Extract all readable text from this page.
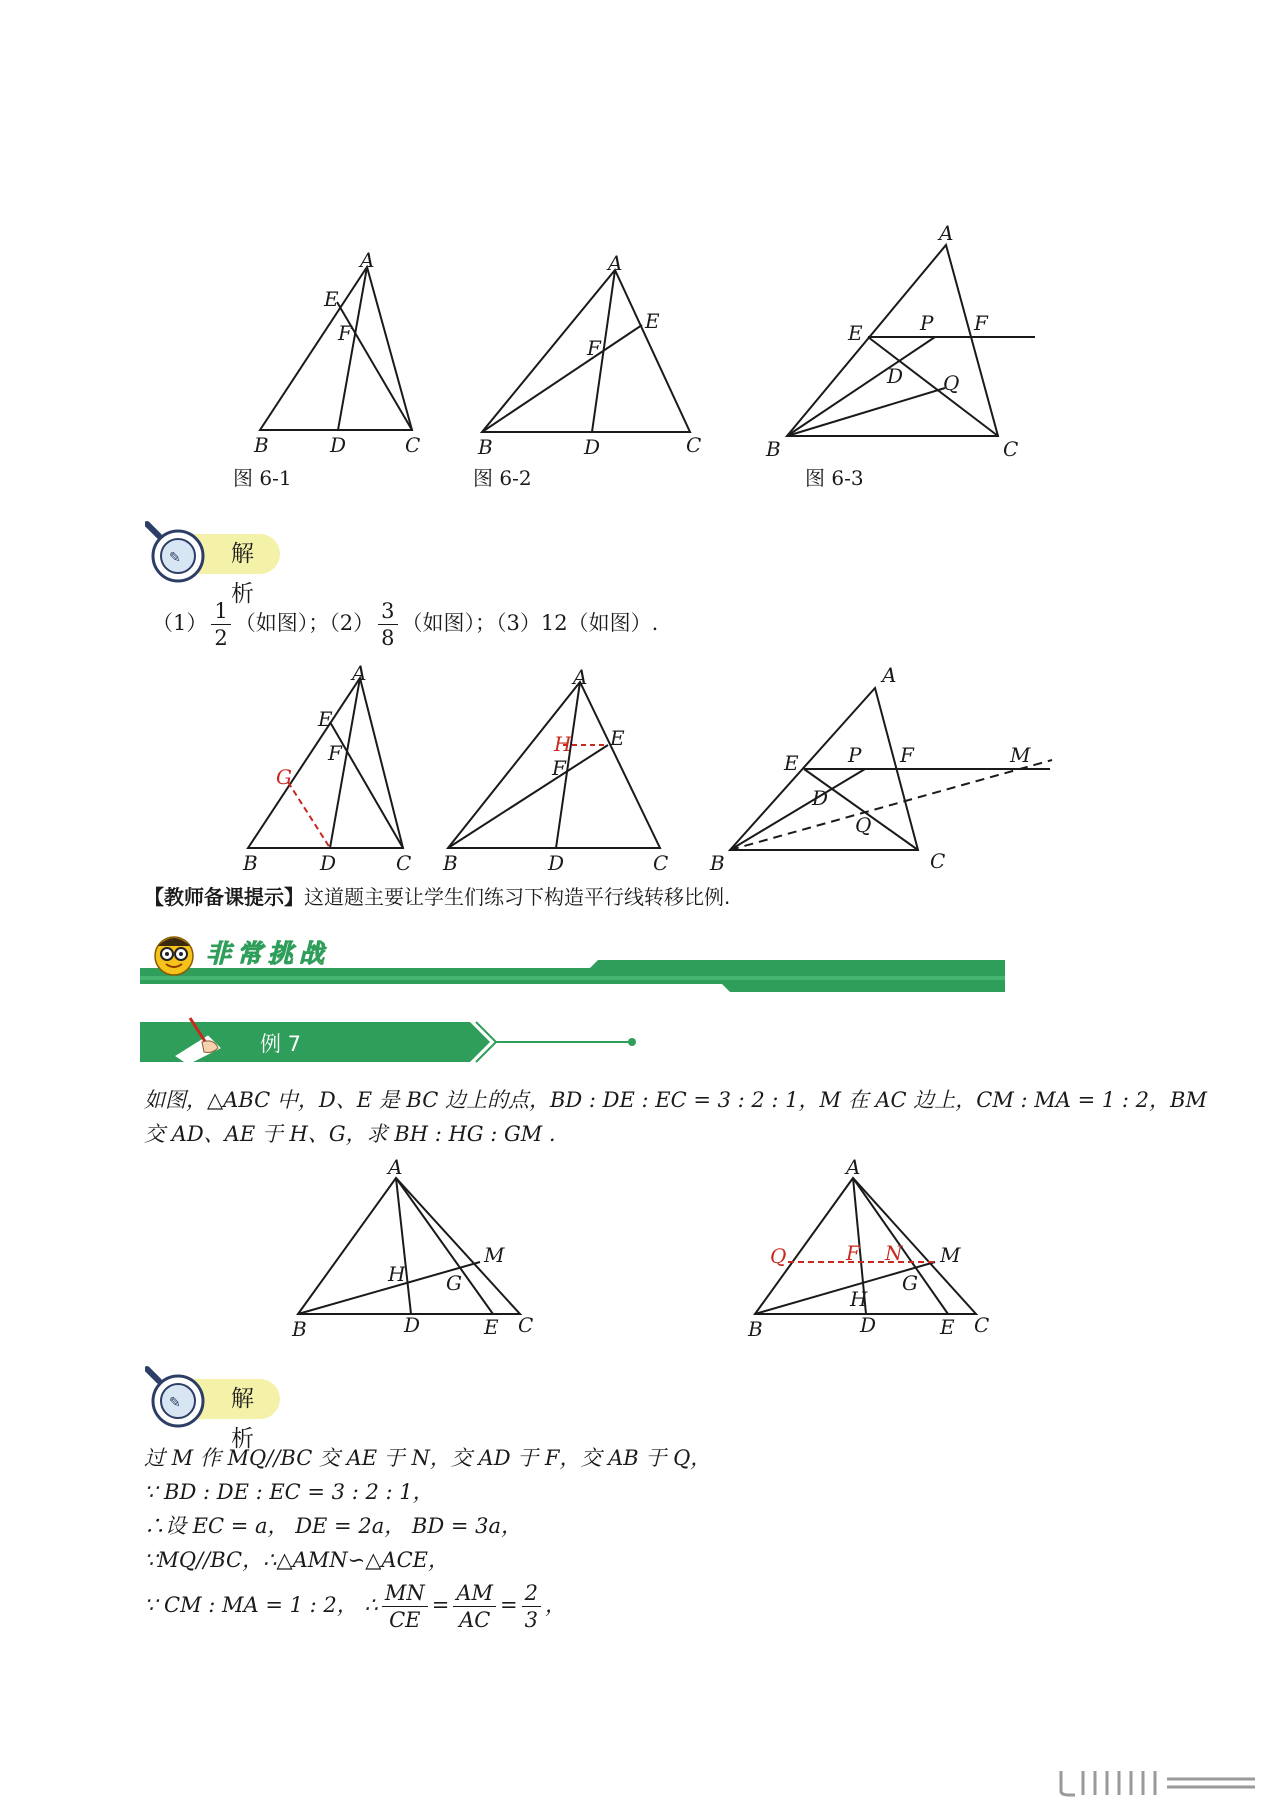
A
E
F
B	D	C
图 6-1
A
E
F
B	D	C
图 6-2
A
E	P F
D Q
B	C
图 6-3
解析
✎
$(1) \frac{1}{2}$ （如图）；$(2) \frac{3}{8}$ （如图）；（3）12（如图）.
A
E
F
G
B	D	C
A
E
H
F
B	D	C
A
E P F	M
D
Q
B	C
【教师备课提示】这道题主要让学生们练习下构造平行线转移比例.
非常挑战
例 7
如图，△ABC 中，D、E 是 BC 边上的点，BD : DE : EC = 3 : 2 : 1，M 在 AC 边上，CM : MA = 1 : 2，BM
交 AD、AE 于 H、G，求 BH : HG : GM .
A
M
H G
B	D	E C
A
Q	F N M
H
G
B	D	E C
解析
✎
过 M 作 MQ//BC 交 AE 于 N，交 AD 于 F，交 AB 于 Q，
∵ BD : DE : EC = 3 : 2 : 1，
∴设 EC = a， DE = 2a， BD = 3a，
∵MQ//BC，∴△AMN∽△ACE，
∵ CM : MA = 1 : 2， ∴ $\frac{MN}{CE} = \frac{AM}{AC} = \frac{2}{3}$ ，
